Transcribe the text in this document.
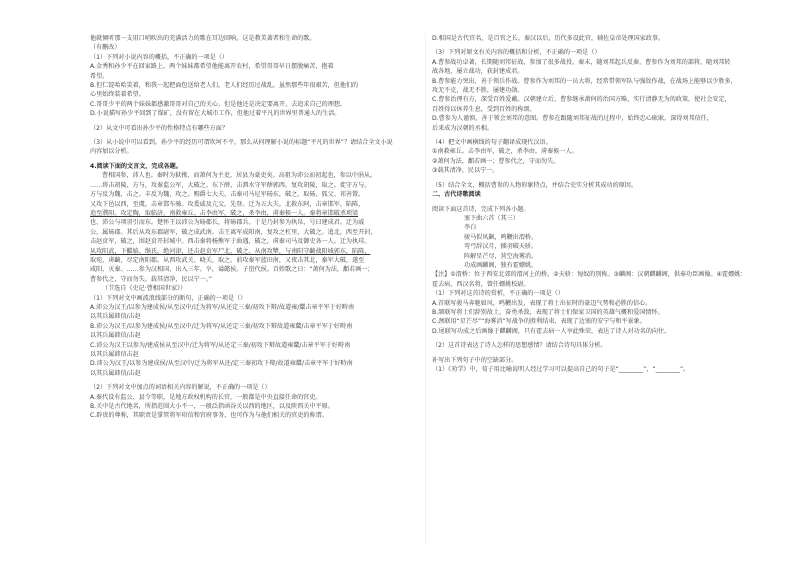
他就倾听那一支用口哨吹出的充满活力的歌在耳边回响。这是教美著者和生命的歌。

（有删改）

（1）下列对小说内容的概括，不正确的一项是（）

A.金秀和孙少平在回家路上，两个妹妹都希望他能离开农村，希望哥哥早日摆脱痛苦，抱着

希望。

B.但仁锭哈哈笑着，和我一起把面包送给老人们，老人们经历过战乱，虽然那些年很艰苦，但他们的

心里始终装着希望。

C.哥哥少平的两个妹妹都感激哥哥对自己的关心，但是他还是决定要离开，去追求自己的理想。

D.小说描写孙少平回到了煤矿，没有留在大城市工作，但他过着平凡的世界里普通人的生活。

（2）从文中可看出孙少平的性格特点有哪些方面？

（3）从小说中可以看到，孙少平的经历可谓坎坷不平，那么从何理解小说的标题“平凡的世界”？请结合全文小说

内容加以分析。

4.阅读下面的文言文，完成各题。

曹相国参，沛人也。秦时为狱掾，而萧何为主吏，居县为豪吏矣。高祖为沛公而初起也，参以中涓从。

……将击胡陵、方与，攻秦监公军，大破之。东下薛，击泗水守军薛郭西。复攻胡陵，取之。徙守方与。

方与反为魏，击之。丰反为魏，攻之。赐爵七大夫。击秦司马尼军砀东，破之，取砀、狐父、祁善置。

又攻下邑以西，至虞，击章邯车骑。攻爰戚及亢父，先登。迁为五大夫。北救东阿，击章邯军，陷陈，

追至濮阳。攻定陶，取临济。南救雍丘。击李由军，破之，杀李由，虏秦候一人。秦将章邯破杀项梁

也，沛公与项羽引而东。楚怀王以沛公为砀郡长，将砀郡兵。于是乃封参为执帛，号曰建成君。迁为戚

公，属砀郡。其后从攻东郡尉军，破之成武南。击王离军成阳南，复攻之杠里，大破之。追北，西至开封，

击赵贲军，破之，围赵贲开封城中。西击秦将杨熊军于曲遇，破之，虏秦司马及御史各一人。迁为执珪。

从攻阳武，下轘辕、缑氏，绝河津，还击赵贲军尸北，破之。从南攻犨，与南阳守齮战阳城郭东，陷陈，

取宛，虏齮，尽定南阳郡。从西攻武关、峣关，取之。前攻秦军蓝田南，又夜击其北，秦军大破，遂至

咸阳，灭秦。……参为汉相国，出入三年。卒，谥懿侯。子窋代侯。百姓歌之曰：“萧何为法，顜若画一；

曹参代之，守而勿失。载其清净，民以宁一。”

（节选自《史记·曹相国世家》）

（1）下列对文中画波浪线部分的断句，正确的一项是（）

A.沛公为汉王/以参为建成侯/从至汉中/迁为将军/从还定三秦/初攻下辩/故道雍/斄击章平军于好畤南

以其兵属韩信/击赵

B.沛公为汉王/以参为建成侯/从至汉中/迁为将军/从还定三秦/初攻下辩故道雍斄/击章平军于好畤南

以其兵属韩信/击赵

C.沛公为汉王以参为/建成侯从至汉中/迁为将军/从还定三秦/初攻下辩故道雍斄/击章平军于好畤南

以其兵属韩信击赵

D.沛公为汉王/以参为建成侯/从至汉中/迁为将军从还/定三秦初攻下辩/故道雍斄/击章平军于好畤南

以其兵属韩信/击赵

（2）下列对文中加点的词语相关内容的解说，不正确的一项是（）

A.秦代设有监公、县令等职，是地方政权机构的长官，一般都是中央直接任命的官吏。

B.关中是古代地名，所指范围大小不一，一般泛指函谷关以西的地区，以及陕西关中平原。

C.辟贵的尊称，其职责是掌管将军印信和官府事务，也可作为与他们相关的官吏的称谓。

D.相国是古代官名，是百官之长。秦汉以后，历代多设此官，辅佐皇帝处理国家政事。

（3）下列对原文有关内容的概括和分析，不正确的一项是（）

A.曹参战功卓著，长期随刘邦征战，参加了很多战役。秦末，随刘邦起兵反秦，曹参作为刘邦的部将，随刘邦转

战各地，屡立战功，获封建成君。

B.曹参能力突出，善于领兵作战。曹参作为刘邦的一员大将，经常带领军队与强敌作战，在战场上能够以少胜多，

攻无不克，战无不胜，屡建功勋。

C.曹参治理有方，深受百姓爱戴。汉朝建立后，曹参继承萧何的治国方略，实行清静无为的政策，使社会安定，

百姓得以休养生息，受到百姓的称颂。

D.曹参为人谨慎，善于领会刘邦的意图。曹参在跟随刘邦征战的过程中，始终忠心耿耿，深得刘邦信任，

后来成为汉朝的丞相。

（4）把文中画横线的句子翻译成现代汉语。

①南救雍丘。击李由军，破之，杀李由，虏秦候一人。

②萧何为法，顜若画一；曹参代之，守而勿失。

③载其清净，民以宁一。

（5）结合全文，概括曹参的人物形象特点，并结合史实分析其成功的原因。

二、古代诗歌阅读

阅读下面这首诗，完成下列各小题。

塞下曲六首（其三）

李白

骏马似风飙，鸣鞭出渭桥。

弯弓辞汉月，插羽破天骄。

阵解星芒尽，营空海雾消。

功成画麟阁，独有霍嫖姚。

【注】①渭桥：位于西安北郊的渭河上的桥。②天骄：匈奴的别称。③麟阁：汉朝麒麟阁，供奉功臣画像。④霍嫖姚：

霍去病，西汉名将，曾任嫖姚校尉。

（1）下列对这首诗的赏析，不正确的一项是（）

A.首联写骏马奔驰如风，鸣鞭出发，表现了将士出征时的豪迈气势和必胜的信心。

B.颔联写将士们辞别故土，奋勇杀敌，表现了将士们保家卫国的英雄气概和爱国情怀。

C.颈联用“星芒尽”“海雾消”写战争的胜利结束，表现了边塞的安宁与和平景象。

D.尾联写功成之后画像于麒麟阁，只有霍去病一人享此殊荣，表达了诗人对功名的向往。

（2）这首诗表达了诗人怎样的思想感情？请结合诗句具体分析。

补写出下列句子中的空缺部分。

（1）《劝学》中，荀子用比喻说明人经过学习可以提高自己的句子是“________”，“________”。
